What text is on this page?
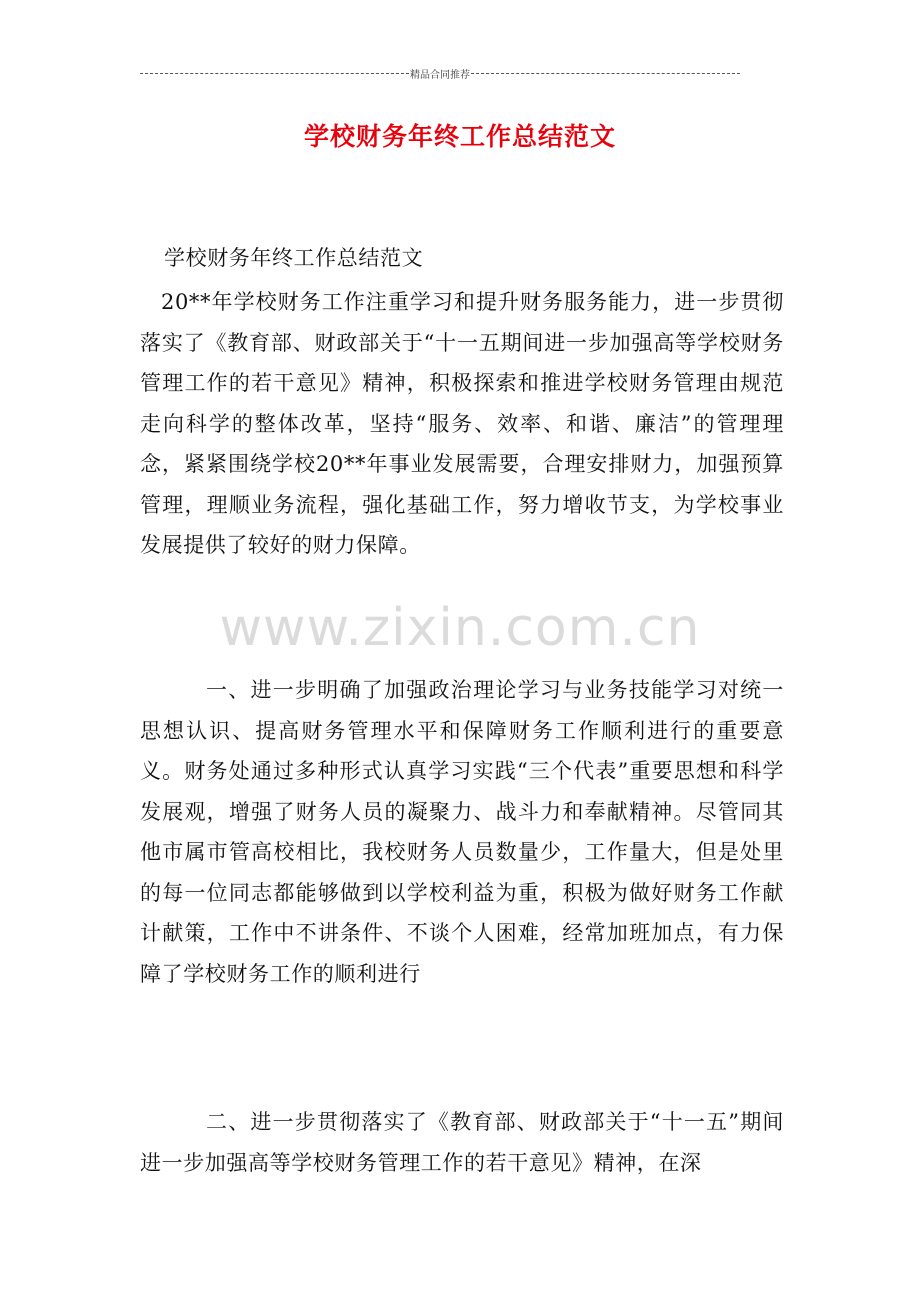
精品合同推荐
学校财务年终工作总结范文

学校财务年终工作总结范文

20**年学校财务工作注重学习和提升财务服务能力，进一步贯彻落实了《教育部、财政部关于“十一五期间进一步加强高等学校财务管理工作的若干意见》精神，积极探索和推进学校财务管理由规范走向科学的整体改革，坚持“服务、效率、和谐、廉洁”的管理理念，紧紧围绕学校20**年事业发展需要，合理安排财力，加强预算管理，理顺业务流程，强化基础工作，努力增收节支，为学校事业发展提供了较好的财力保障。

www.zixin.com.cn

一、进一步明确了加强政治理论学习与业务技能学习对统一思想认识、提高财务管理水平和保障财务工作顺利进行的重要意义。财务处通过多种形式认真学习实践“三个代表”重要思想和科学发展观，增强了财务人员的凝聚力、战斗力和奉献精神。尽管同其他市属市管高校相比，我校财务人员数量少，工作量大，但是处里的每一位同志都能够做到以学校利益为重，积极为做好财务工作献计献策，工作中不讲条件、不谈个人困难，经常加班加点，有力保障了学校财务工作的顺利进行

二、进一步贯彻落实了《教育部、财政部关于“十一五”期间进一步加强高等学校财务管理工作的若干意见》精神，在深
